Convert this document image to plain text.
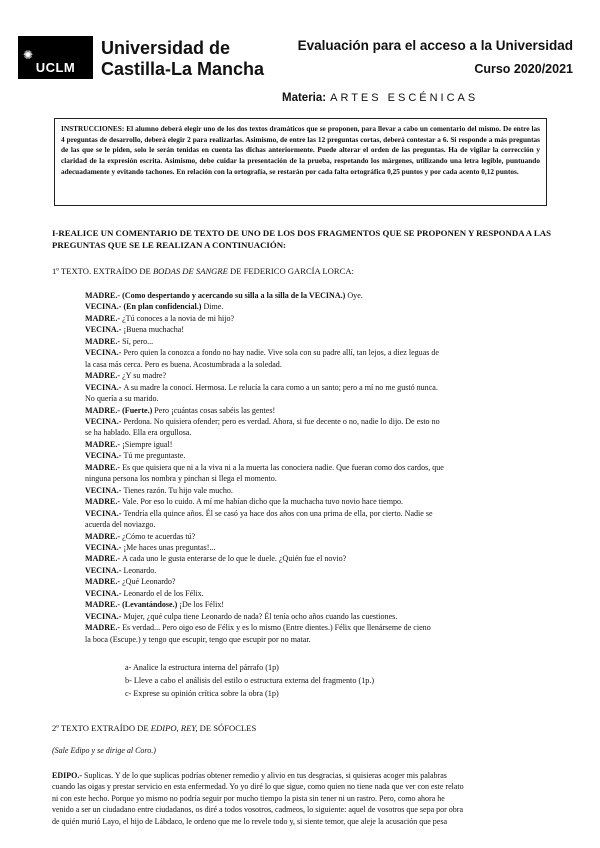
✺
UCLM
Universidad de
Castilla-La Mancha
Evaluación para el acceso a la Universidad
Curso 2020/2021
Materia: ARTES ESCÉNICAS
INSTRUCCIONES: El alumno deberá elegir uno de los dos textos dramáticos que se proponen, para llevar a cabo un comentario del mismo. De entre las 4 preguntas de desarrollo, deberá elegir 2 para realizarlas. Asimismo, de entre las 12 preguntas cortas, deberá contestar a 6. Si responde a más preguntas de las que se le piden, solo le serán tenidas en cuenta las dichas anteriormente. Puede alterar el orden de las preguntas. Ha de vigilar la corrección y claridad de la expresión escrita. Asimismo, debe cuidar la presentación de la prueba, respetando los márgenes, utilizando una letra legible, puntuando adecuadamente y evitando tachones. En relación con la ortografía, se restarán por cada falta ortográfica 0,25 puntos y por cada acento 0,12 puntos.
I-REALICE UN COMENTARIO DE TEXTO DE UNO DE LOS DOS FRAGMENTOS QUE SE PROPONEN Y RESPONDA A LAS PREGUNTAS QUE SE LE REALIZAN A CONTINUACIÓN:
1º TEXTO. EXTRAÍDO DE BODAS DE SANGRE DE FEDERICO GARCÍA LORCA:
MADRE.- (Como despertando y acercando su silla a la silla de la VECINA.) Oye.
VECINA.- (En plan confidencial.) Dime.
MADRE.- ¿Tú conoces a la novia de mi hijo?
VECINA.- ¡Buena muchacha!
MADRE.- Sí, pero...
VECINA.- Pero quien la conozca a fondo no hay nadie. Vive sola con su padre allí, tan lejos, a diez leguas de
la casa más cerca. Pero es buena. Acostumbrada a la soledad.
MADRE.- ¿Y su madre?
VECINA.- A su madre la conocí. Hermosa. Le relucía la cara como a un santo; pero a mí no me gustó nunca.
No quería a su marido.
MADRE.- (Fuerte.) Pero ¡cuántas cosas sabéis las gentes!
VECINA.- Perdona. No quisiera ofender; pero es verdad. Ahora, si fue decente o no, nadie lo dijo. De esto no
se ha hablado. Ella era orgullosa.
MADRE.- ¡Siempre igual!
VECINA.- Tú me preguntaste.
MADRE.- Es que quisiera que ni a la viva ni a la muerta las conociera nadie. Que fueran como dos cardos, que
ninguna persona los nombra y pinchan si llega el momento.
VECINA.- Tienes razón. Tu hijo vale mucho.
MADRE.- Vale. Por eso lo cuido. A mí me habían dicho que la muchacha tuvo novio hace tiempo.
VECINA.- Tendría ella quince años. Él se casó ya hace dos años con una prima de ella, por cierto. Nadie se
acuerda del noviazgo.
MADRE.- ¿Cómo te acuerdas tú?
VECINA.- ¡Me haces unas preguntas!...
MADRE.- A cada uno le gusta enterarse de lo que le duele. ¿Quién fue el novio?
VECINA.- Leonardo.
MADRE.- ¿Qué Leonardo?
VECINA.- Leonardo el de los Félix.
MADRE.- (Levantándose.) ¡De los Félix!
VECINA.- Mujer, ¿qué culpa tiene Leonardo de nada? Él tenía ocho años cuando las cuestiones.
MADRE.- Es verdad... Pero oigo eso de Félix y es lo mismo (Entre dientes.) Félix que llenárseme de cieno
la boca (Escupe.) y tengo que escupir, tengo que escupir por no matar.
a- Analice la estructura interna del párrafo (1p)
b- Lleve a cabo el análisis del estilo o estructura externa del fragmento (1p.)
c- Exprese su opinión crítica sobre la obra (1p)
2º TEXTO EXTRAÍDO DE EDIPO, REY, DE SÓFOCLES
(Sale Edipo y se dirige al Coro.)
EDIPO.- Suplicas. Y de lo que suplicas podrías obtener remedio y alivio en tus desgracias, si quisieras acoger mis palabras
cuando las oigas y prestar servicio en esta enfermedad. Yo yo diré lo que sigue, como quien no tiene nada que ver con este relato
ni con este hecho. Porque yo mismo no podría seguir por mucho tiempo la pista sin tener ni un rastro. Pero, como ahora he
venido a ser un ciudadano entre ciudadanos, os diré a todos vosotros, cadmeos, lo siguiente: aquel de vosotros que sepa por obra
de quién murió Layo, el hijo de Lábdaco, le ordeno que me lo revele todo y, si siente temor, que aleje la acusación que pesa
